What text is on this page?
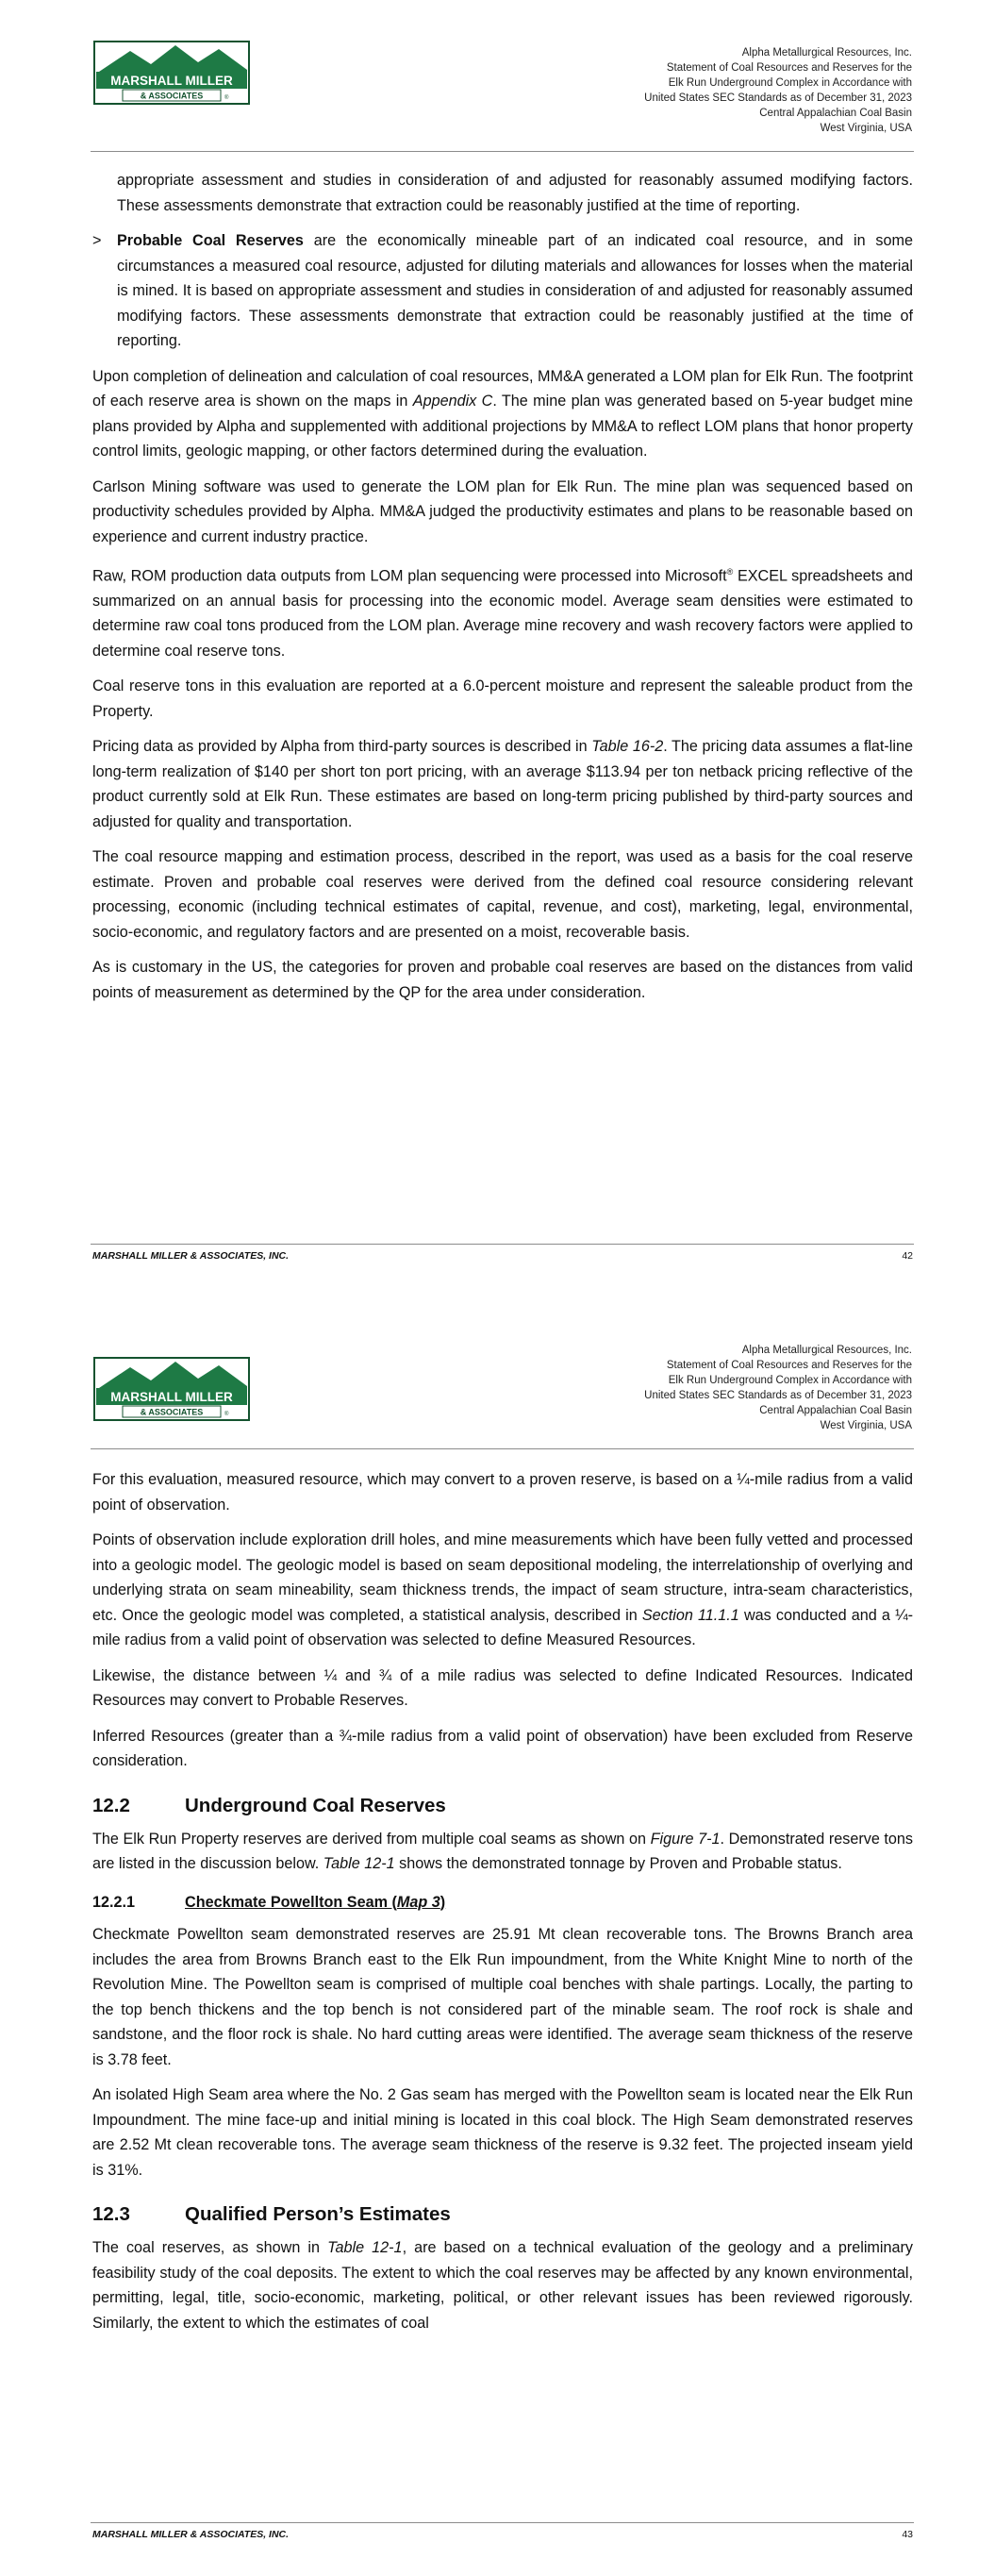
MARSHALL MILLER
& ASSOCIATES	®
Alpha Metallurgical Resources, Inc.
Statement of Coal Resources and Reserves for the
Elk Run Underground Complex in Accordance with
United States SEC Standards as of December 31, 2023
Central Appalachian Coal Basin
West Virginia, USA

appropriate assessment and studies in consideration of and adjusted for reasonably assumed modifying factors. These assessments demonstrate that extraction could be reasonably justified at the time of reporting.

> Probable Coal Reserves are the economically mineable part of an indicated coal resource, and in some circumstances a measured coal resource, adjusted for diluting materials and allowances for losses when the material is mined. It is based on appropriate assessment and studies in consideration of and adjusted for reasonably assumed modifying factors. These assessments demonstrate that extraction could be reasonably justified at the time of reporting.

Upon completion of delineation and calculation of coal resources, MM&A generated a LOM plan for Elk Run. The footprint of each reserve area is shown on the maps in Appendix C. The mine plan was generated based on 5-year budget mine plans provided by Alpha and supplemented with additional projections by MM&A to reflect LOM plans that honor property control limits, geologic mapping, or other factors determined during the evaluation.

Carlson Mining software was used to generate the LOM plan for Elk Run. The mine plan was sequenced based on productivity schedules provided by Alpha. MM&A judged the productivity estimates and plans to be reasonable based on experience and current industry practice.

Raw, ROM production data outputs from LOM plan sequencing were processed into Microsoft® EXCEL spreadsheets and summarized on an annual basis for processing into the economic model. Average seam densities were estimated to determine raw coal tons produced from the LOM plan. Average mine recovery and wash recovery factors were applied to determine coal reserve tons.

Coal reserve tons in this evaluation are reported at a 6.0-percent moisture and represent the saleable product from the Property.

Pricing data as provided by Alpha from third-party sources is described in Table 16-2. The pricing data assumes a flat-line long-term realization of $140 per short ton port pricing, with an average $113.94 per ton netback pricing reflective of the product currently sold at Elk Run. These estimates are based on long-term pricing published by third-party sources and adjusted for quality and transportation.

The coal resource mapping and estimation process, described in the report, was used as a basis for the coal reserve estimate. Proven and probable coal reserves were derived from the defined coal resource considering relevant processing, economic (including technical estimates of capital, revenue, and cost), marketing, legal, environmental, socio-economic, and regulatory factors and are presented on a moist, recoverable basis.

As is customary in the US, the categories for proven and probable coal reserves are based on the distances from valid points of measurement as determined by the QP for the area under consideration.

MARSHALL MILLER & ASSOCIATES, INC.	42
MARSHALL MILLER
& ASSOCIATES	®
Alpha Metallurgical Resources, Inc.
Statement of Coal Resources and Reserves for the
Elk Run Underground Complex in Accordance with
United States SEC Standards as of December 31, 2023
Central Appalachian Coal Basin
West Virginia, USA

For this evaluation, measured resource, which may convert to a proven reserve, is based on a ¼-mile radius from a valid point of observation.

Points of observation include exploration drill holes, and mine measurements which have been fully vetted and processed into a geologic model. The geologic model is based on seam depositional modeling, the interrelationship of overlying and underlying strata on seam mineability, seam thickness trends, the impact of seam structure, intra-seam characteristics, etc. Once the geologic model was completed, a statistical analysis, described in Section 11.1.1 was conducted and a ¼-mile radius from a valid point of observation was selected to define Measured Resources.

Likewise, the distance between ¼ and ¾ of a mile radius was selected to define Indicated Resources. Indicated Resources may convert to Probable Reserves.

Inferred Resources (greater than a ¾-mile radius from a valid point of observation) have been excluded from Reserve consideration.

12.2	Underground Coal Reserves

The Elk Run Property reserves are derived from multiple coal seams as shown on Figure 7-1. Demonstrated reserve tons are listed in the discussion below. Table 12-1 shows the demonstrated tonnage by Proven and Probable status.

12.2.1	Checkmate Powellton Seam (Map 3)

Checkmate Powellton seam demonstrated reserves are 25.91 Mt clean recoverable tons. The Browns Branch area includes the area from Browns Branch east to the Elk Run impoundment, from the White Knight Mine to north of the Revolution Mine. The Powellton seam is comprised of multiple coal benches with shale partings. Locally, the parting to the top bench thickens and the top bench is not considered part of the minable seam. The roof rock is shale and sandstone, and the floor rock is shale. No hard cutting areas were identified. The average seam thickness of the reserve is 3.78 feet.

An isolated High Seam area where the No. 2 Gas seam has merged with the Powellton seam is located near the Elk Run Impoundment. The mine face-up and initial mining is located in this coal block. The High Seam demonstrated reserves are 2.52 Mt clean recoverable tons. The average seam thickness of the reserve is 9.32 feet. The projected inseam yield is 31%.

12.3	Qualified Person’s Estimates

The coal reserves, as shown in Table 12-1, are based on a technical evaluation of the geology and a preliminary feasibility study of the coal deposits. The extent to which the coal reserves may be affected by any known environmental, permitting, legal, title, socio-economic, marketing, political, or other relevant issues has been reviewed rigorously. Similarly, the extent to which the estimates of coal

MARSHALL MILLER & ASSOCIATES, INC.	43
